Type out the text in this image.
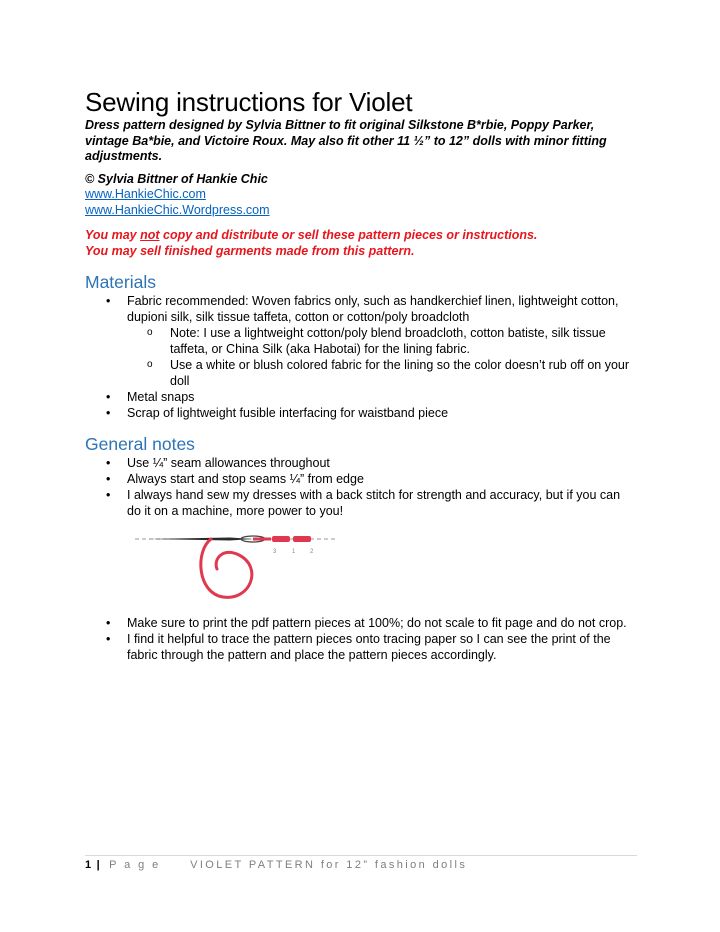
Sewing instructions for Violet

Dress pattern designed by Sylvia Bittner to fit original Silkstone B*rbie, Poppy Parker, vintage Ba*bie, and Victoire Roux. May also fit other 11 ½” to 12” dolls with minor fitting adjustments.

© Sylvia Bittner of Hankie Chic
www.HankieChic.com
www.HankieChic.Wordpress.com
You may not copy and distribute or sell these pattern pieces or instructions.
You may sell finished garments made from this pattern.
Materials
• Fabric recommended: Woven fabrics only, such as handkerchief linen, lightweight cotton, dupioni silk, silk tissue taffeta, cotton or cotton/poly broadcloth
o Note: I use a lightweight cotton/poly blend broadcloth, cotton batiste, silk tissue taffeta, or China Silk (aka Habotai) for the lining fabric.
o Use a white or blush colored fabric for the lining so the color doesn’t rub off on your doll
• Metal snaps
• Scrap of lightweight fusible interfacing for waistband piece
General notes
• Use ¼” seam allowances throughout
• Always start and stop seams ¼” from edge
• I always hand sew my dresses with a back stitch for strength and accuracy, but if you can do it on a machine, more power to you!
3	1 2
• Make sure to print the pdf pattern pieces at 100%; do not scale to fit page and do not crop.
• I find it helpful to trace the pattern pieces onto tracing paper so I can see the print of the fabric through the pattern and place the pattern pieces accordingly.
1 | P a g e	VIOLET PATTERN for 12” fashion dolls
